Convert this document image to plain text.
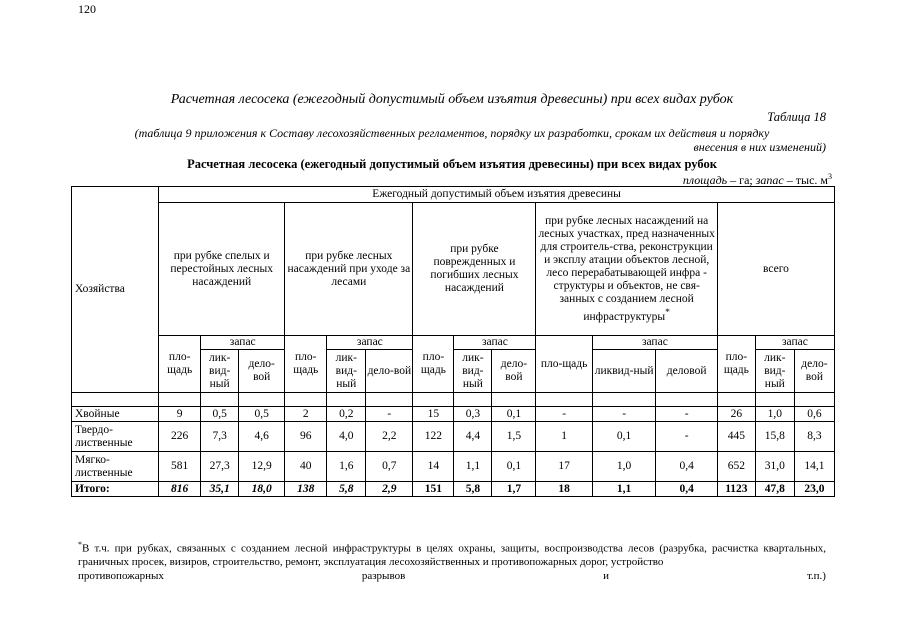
120
Расчетная лесосека (ежегодный допустимый объем изъятия древесины) при всех видах рубок
Таблица 18
(таблица 9 приложения к Составу лесохозяйственных регламентов, порядку их разработки, срокам их действия и порядку
внесения в них изменений)
Расчетная лесосека (ежегодный допустимый объем изъятия древесины) при всех видах рубок
площадь – га; запас – тыс. $м^3$
Хозяйства	Ежегодный допустимый объем изъятия древесины														
	при рубке спелых и перестойных лесных насаждений			при рубке лесных насаждений при уходе за лесами			при рубке поврежденных и погибших лесных насаждений			при рубке лесных насаждений на лесных участках, пред назначенных для строитель-ства, реконструкции и эксплу атации объектов лесной, лесо перерабатывающей инфра - структуры и объектов, не свя-занных с созданием лесной инфраструктуры*			всего		
	пло-щадь	запас		пло-щадь	запас		пло-щадь	запас		пло-щадь	запас		пло-щадь	запас	
		лик-вид-ный	дело-вой		лик-вид-ный	дело-вой		лик-вид-ный	дело-вой		ликвид-ный	деловой		лик-вид-ный	дело-вой

Хвойные	9	0,5	0,5	2	0,2	-	15	0,3	0,1	-	-	-	26	1,0	0,6
Твердо-лиственные	226	7,3	4,6	96	4,0	2,2	122	4,4	1,5	1	0,1	-	445	15,8	8,3
Мягко-лиственные	581	27,3	12,9	40	1,6	0,7	14	1,1	0,1	17	1,0	0,4	652	31,0	14,1
Итого:	816	35,1	18,0	138	5,8	2,9	151	5,8	1,7	18	1,1	0,4	1123	47,8	23,0
*В т.ч. при рубках, связанных с созданием лесной инфраструктуры в целях охраны, защиты, воспроизводства лесов (разрубка, расчистка квартальных, граничных просек, визиров, строительство, ремонт, эксплуатация лесохозяйственных и противопожарных дорог, устройство
противопожарных	разрывов	и	т.п.)
